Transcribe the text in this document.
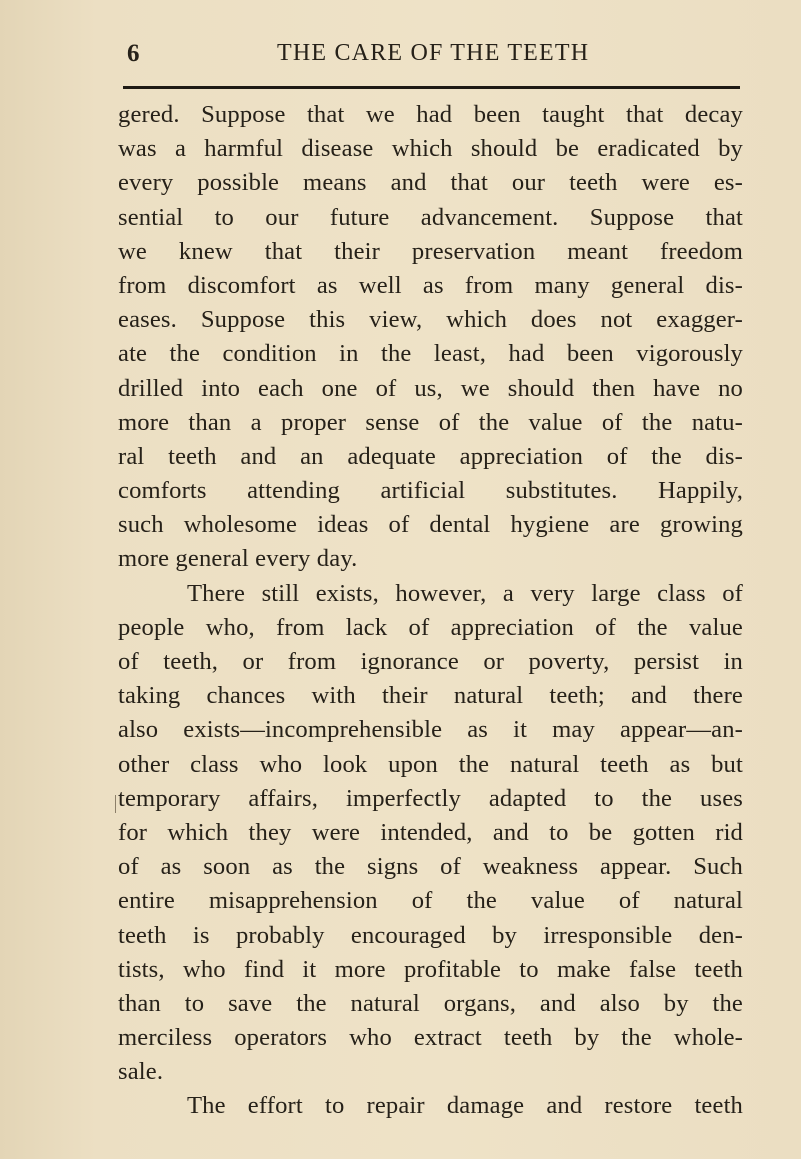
6	THE CARE OF THE TEETH
gered. Suppose that we had been taught that decay
was a harmful disease which should be eradicated by
every possible means and that our teeth were es-
sential to our future advancement. Suppose that
we knew that their preservation meant freedom
from discomfort as well as from many general dis-
eases. Suppose this view, which does not exagger-
ate the condition in the least, had been vigorously
drilled into each one of us, we should then have no
more than a proper sense of the value of the natu-
ral teeth and an adequate appreciation of the dis-
comforts attending artificial substitutes. Happily,
such wholesome ideas of dental hygiene are growing
more general every day.
There still exists, however, a very large class of
people who, from lack of appreciation of the value
of teeth, or from ignorance or poverty, persist in
taking chances with their natural teeth; and there
also exists—incomprehensible as it may appear—an-
other class who look upon the natural teeth as but
temporary affairs, imperfectly adapted to the uses
for which they were intended, and to be gotten rid
of as soon as the signs of weakness appear. Such
entire misapprehension of the value of natural
teeth is probably encouraged by irresponsible den-
tists, who find it more profitable to make false teeth
than to save the natural organs, and also by the
merciless operators who extract teeth by the whole-
sale.
The effort to repair damage and restore teeth
